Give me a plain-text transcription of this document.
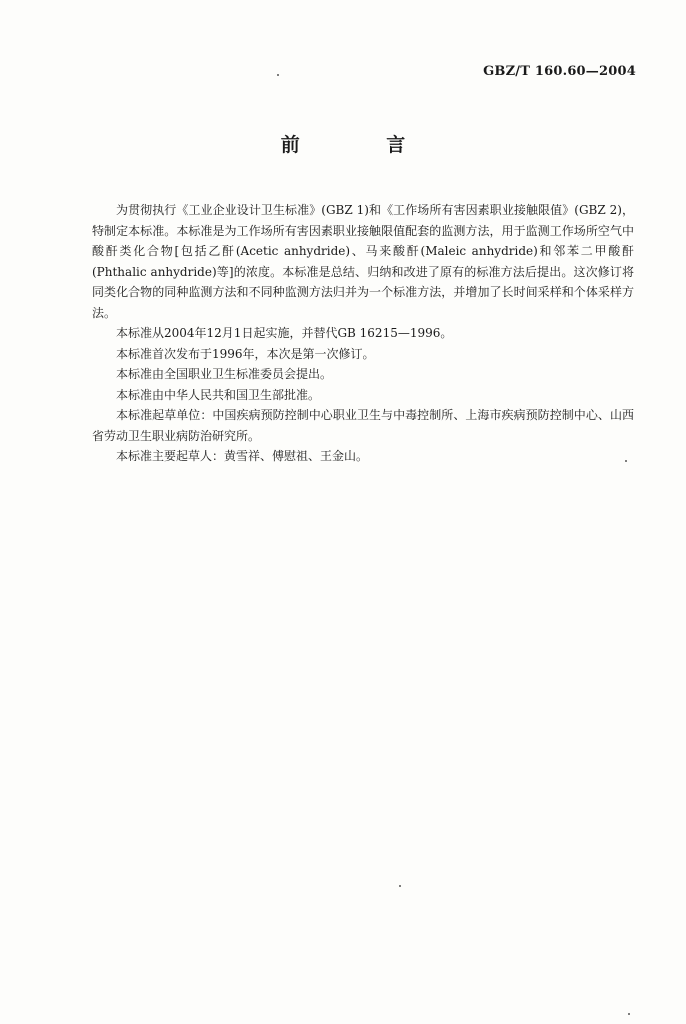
GBZ/T 160.60—2004
前 言

为贯彻执行《工业企业设计卫生标准》(GBZ 1)和《工作场所有害因素职业接触限值》(GBZ 2)，特制定本标准。本标准是为工作场所有害因素职业接触限值配套的监测方法，用于监测工作场所空气中酸酐类化合物[包括乙酐(Acetic anhydride)、马来酸酐(Maleic anhydride)和邻苯二甲酸酐(Phthalic anhydride)等]的浓度。本标准是总结、归纳和改进了原有的标准方法后提出。这次修订将同类化合物的同种监测方法和不同种监测方法归并为一个标准方法，并增加了长时间采样和个体采样方法。

本标准从2004年12月1日起实施，并替代GB 16215—1996。

本标准首次发布于1996年，本次是第一次修订。

本标准由全国职业卫生标准委员会提出。

本标准由中华人民共和国卫生部批准。

本标准起草单位：中国疾病预防控制中心职业卫生与中毒控制所、上海市疾病预防控制中心、山西省劳动卫生职业病防治研究所。

本标准主要起草人：黄雪祥、傅慰祖、王金山。
